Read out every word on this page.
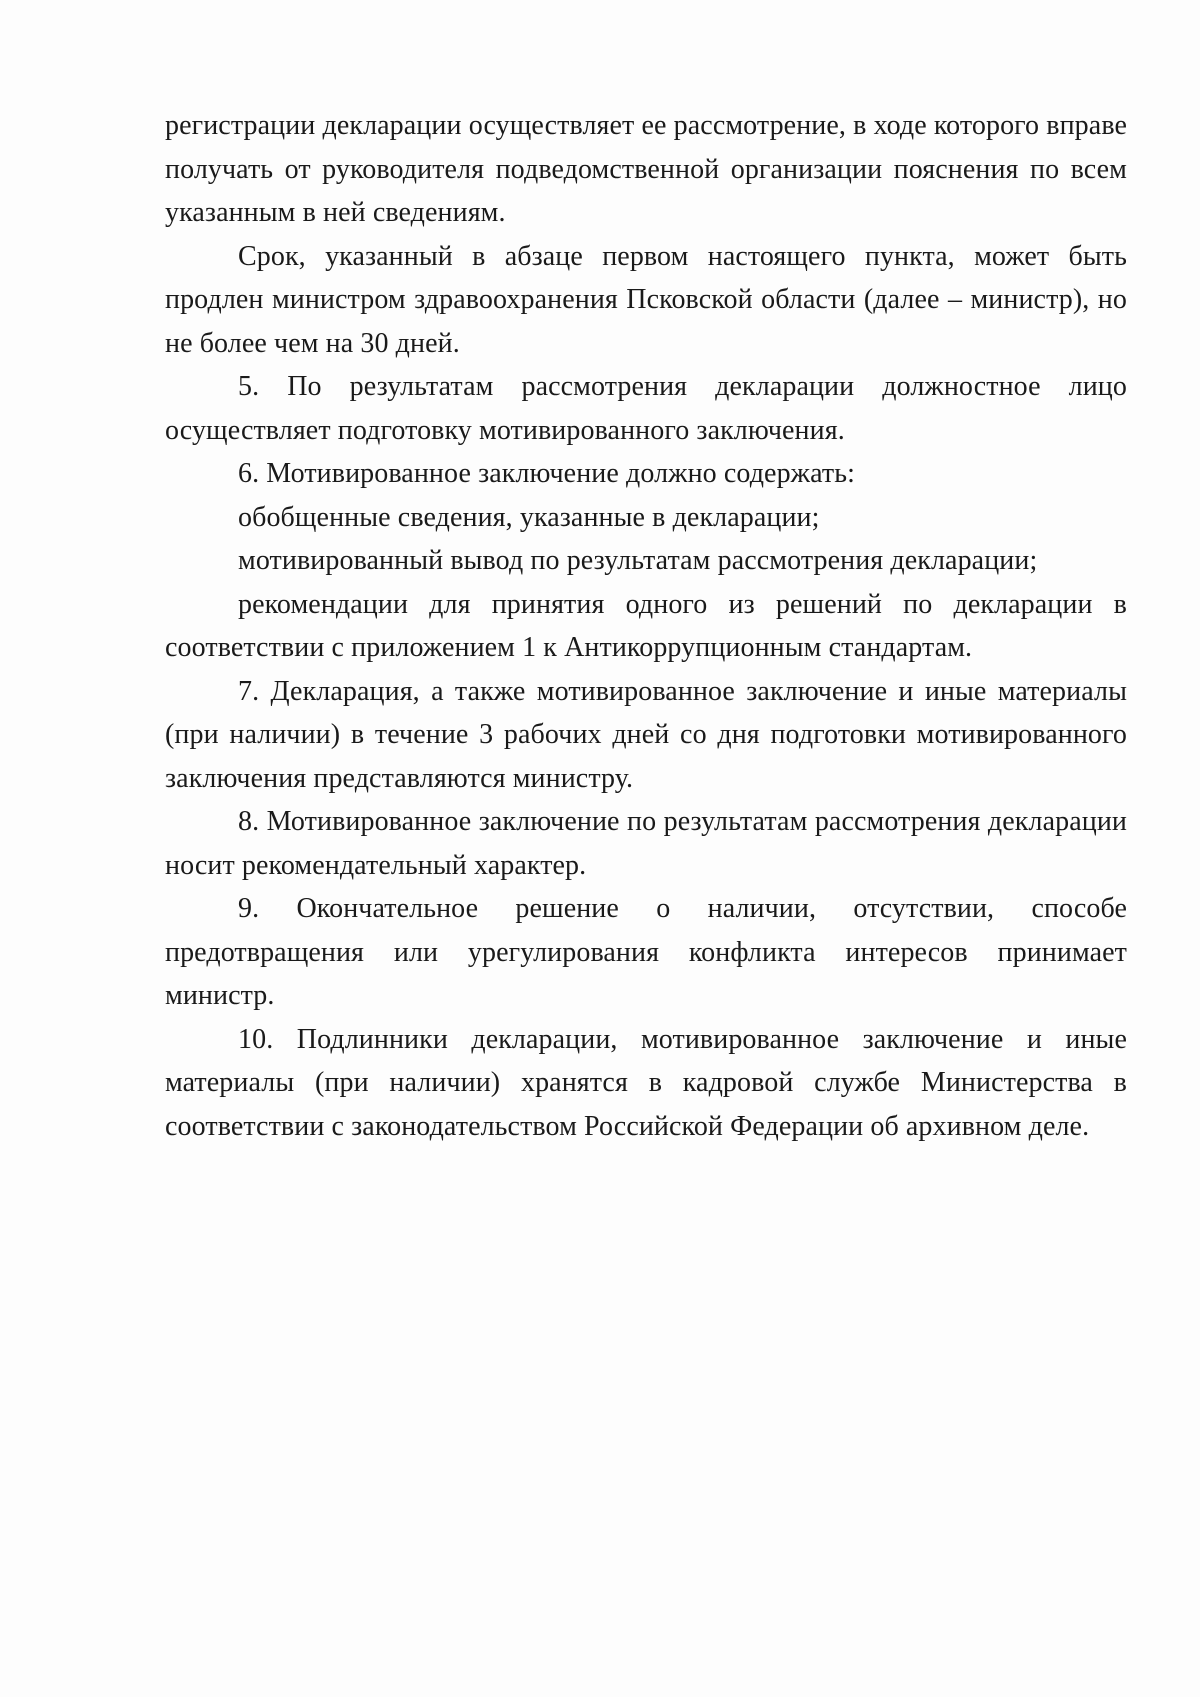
регистрации декларации осуществляет ее рассмотрение, в ходе которого вправе получать от руководителя подведомственной организации пояснения по всем указанным в ней сведениям.

Срок, указанный в абзаце первом настоящего пункта, может быть продлен министром здравоохранения Псковской области (далее – министр), но не более чем на 30 дней.

5. По результатам рассмотрения декларации должностное лицо осуществляет подготовку мотивированного заключения.

6. Мотивированное заключение должно содержать:

обобщенные сведения, указанные в декларации;

мотивированный вывод по результатам рассмотрения декларации;

рекомендации для принятия одного из решений по декларации в соответствии с приложением 1 к Антикоррупционным стандартам.

7. Декларация, а также мотивированное заключение и иные материалы (при наличии) в течение 3 рабочих дней со дня подготовки мотивированного заключения представляются министру.

8. Мотивированное заключение по результатам рассмотрения декларации носит рекомендательный характер.

9. Окончательное решение о наличии, отсутствии, способе предотвращения или урегулирования конфликта интересов принимает министр.

10. Подлинники декларации, мотивированное заключение и иные материалы (при наличии) хранятся в кадровой службе Министерства в соответствии с законодательством Российской Федерации об архивном деле.
